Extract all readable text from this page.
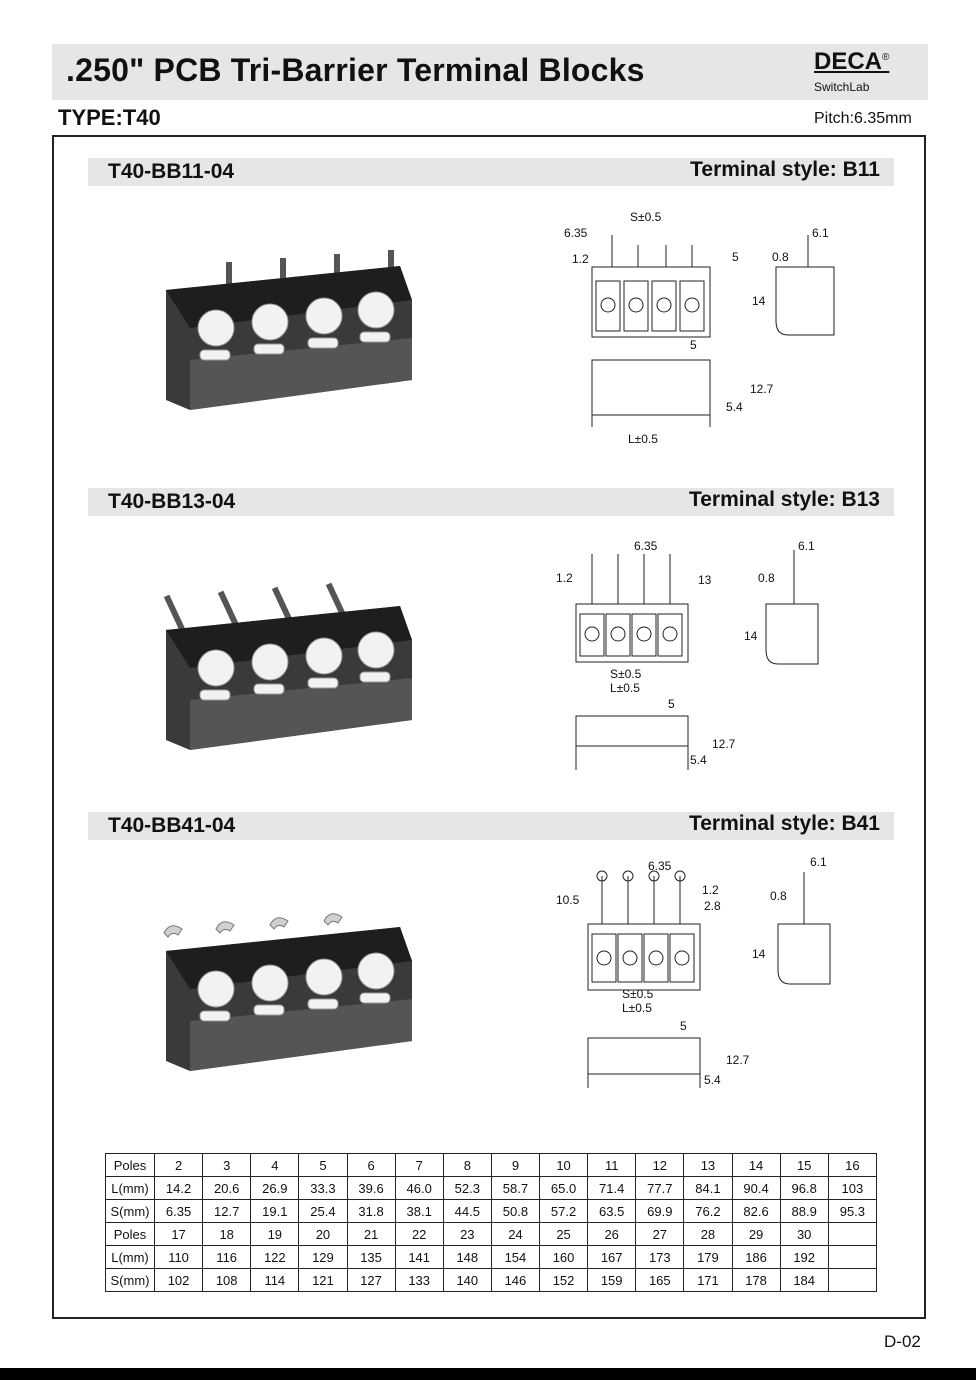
.250" PCB Tri-Barrier Terminal Blocks	DECA®
SwitchLab
TYPE:T40	Pitch:6.35mm
T40-BB11-04	Terminal style: B11
S±0.5
6.35
1.2	5
6.1
0.8
14
5
12.7
5.4
L±0.5
T40-BB13-04	Terminal style: B13
6.35
1.2	13
6.1
0.8
14
S±0.5
L±0.5
5
12.7
5.4
T40-BB41-04	Terminal style: B41
6.35
10.5
1.2
2.8
6.1
0.8
14
S±0.5
L±0.5
5
12.7
5.4
Poles	2	3	4	5	6	7	8	9	10	11	12	13	14	15	16
L(mm)	14.2	20.6	26.9	33.3	39.6	46.0	52.3	58.7	65.0	71.4	77.7	84.1	90.4	96.8	103
S(mm)	6.35	12.7	19.1	25.4	31.8	38.1	44.5	50.8	57.2	63.5	69.9	76.2	82.6	88.9	95.3
Poles	17	18	19	20	21	22	23	24	25	26	27	28	29	30	
L(mm)	110	116	122	129	135	141	148	154	160	167	173	179	186	192	
S(mm)	102	108	114	121	127	133	140	146	152	159	165	171	178	184	
D-02
